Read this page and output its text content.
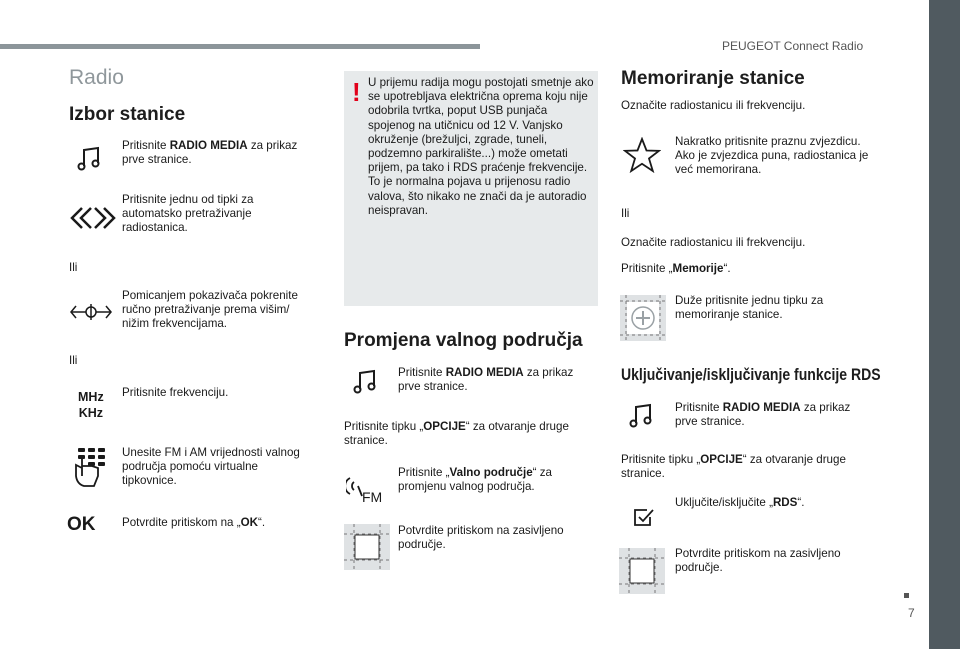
PEUGEOT Connect Radio
7
Radio
Izbor stanice
Pritisnite RADIO MEDIA za prikaz prve stranice.
Pritisnite jednu od tipki za automatsko pretraživanje radiostanica.
Ili
Pomicanjem pokazivača pokrenite ručno pretraživanje prema višim/ nižim frekvencijama.
Ili
MHz
KHz
Pritisnite frekvenciju.
Unesite FM i AM vrijednosti valnog područja pomoću virtualne tipkovnice.
OK Potvrdite pritiskom na „OK“.
! U prijemu radija mogu postojati smetnje ako se upotrebljava električna oprema koju nije odobrila tvrtka, poput USB punjača spojenog na utičnicu od 12 V. Vanjsko okruženje (brežuljci, zgrade, tuneli, podzemno parkiralište...) može ometati prijem, pa tako i RDS praćenje frekvencije. To je normalna pojava u prijenosu radio valova, što nikako ne znači da je autoradio neispravan.
Promjena valnog područja
Pritisnite RADIO MEDIA za prikaz prve stranice.
Pritisnite tipku „OPCIJE“ za otvaranje druge stranice.
FM
Pritisnite „Valno područje“ za promjenu valnog područja.
Potvrdite pritiskom na zasivljeno područje.
Memoriranje stanice
Označite radiostanicu ili frekvenciju.
Nakratko pritisnite praznu zvjezdicu. Ako je zvjezdica puna, radiostanica je već memorirana.
Ili
Označite radiostanicu ili frekvenciju.
Pritisnite „Memorije“.
Duže pritisnite jednu tipku za memoriranje stanice.
Uključivanje/isključivanje funkcije RDS
Pritisnite RADIO MEDIA za prikaz prve stranice.
Pritisnite tipku „OPCIJE“ za otvaranje druge stranice.
Uključite/isključite „RDS“.
Potvrdite pritiskom na zasivljeno područje.
